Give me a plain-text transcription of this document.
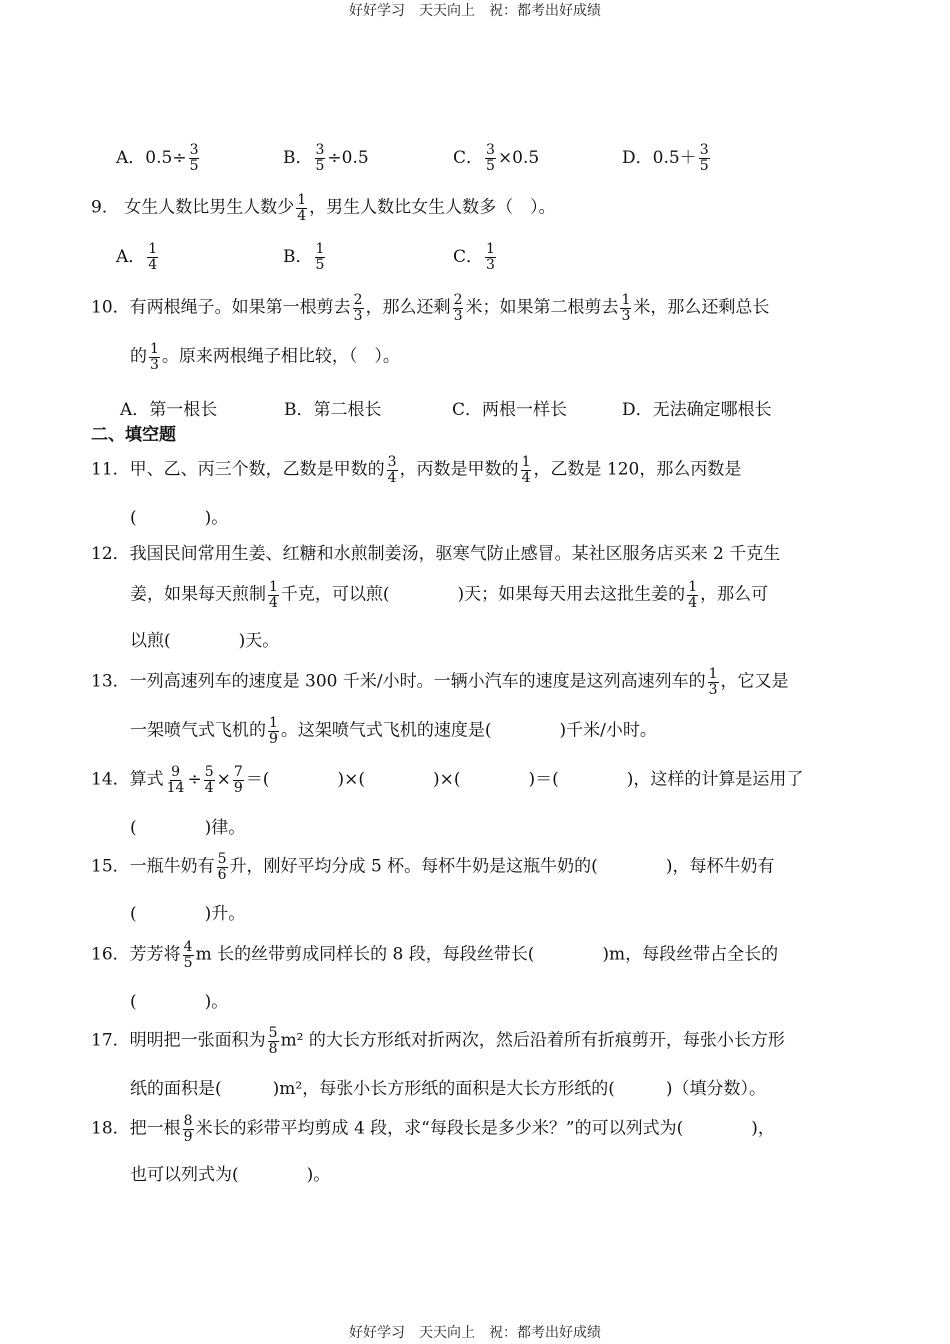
好好学习　天天向上　祝：都考出好成绩
A．$0.5\div \frac{3}{5}$	B． $\frac{3}{5} \div 0.5$	C． $\frac{3}{5} \times 0.5$	D．$0.5+ \frac{3}{5}$
9． 女生人数比男生人数少 $\frac{1}{4}$ ，男生人数比女生人数多（　）。
A． $\frac{1}{4}$	B． $\frac{1}{5}$	C． $\frac{1}{3}$
10．有两根绳子。如果第一根剪去 $\frac{2}{3}$ ，那么还剩 $\frac{2}{3}$ 米；如果第二根剪去 $\frac{1}{3}$ 米，那么还剩总长
的 $\frac{1}{3}$ 。原来两根绳子相比较，（　）。
A．第一根长	B．第二根长	C．两根一样长	D．无法确定哪根长
二、填空题
11．甲、乙、丙三个数，乙数是甲数的 $\frac{3}{4}$ ，丙数是甲数的 $\frac{1}{4}$ ，乙数是 120，那么丙数是
(　　　　)。
12．我国民间常用生姜、红糖和水煎制姜汤，驱寒气防止感冒。某社区服务店买来 2 千克生
姜，如果每天煎制 $\frac{1}{4}$ 千克，可以煎(　　　　)天；如果每天用去这批生姜的 $\frac{1}{4}$ ，那么可
以煎(　　　　)天。
13．一列高速列车的速度是 300 千米/小时。一辆小汽车的速度是这列高速列车的 $\frac{1}{3}$ ，它又是
一架喷气式飞机的 $\frac{1}{9}$ 。这架喷气式飞机的速度是(　　　　)千米/小时。
14．算式 $\frac{9}{14} \div \frac{5}{4} \times \frac{7}{9}$ ＝(　　　　)×(　　　　)×(　　　　)＝(　　　　)，这样的计算是运用了
(　　　　)律。
15．一瓶牛奶有 $\frac{5}{6}$ 升，刚好平均分成 5 杯。每杯牛奶是这瓶牛奶的(　　　　)，每杯牛奶有
(　　　　)升。
16．芳芳将 $\frac{4}{5}$ m 长的丝带剪成同样长的 8 段，每段丝带长(　　　　)m，每段丝带占全长的
(　　　　)。
17．明明把一张面积为 $\frac{5}{8} m^2$ 的大长方形纸对折两次，然后沿着所有折痕剪开，每张小长方形
纸的面积是(　　　)m²，每张小长方形纸的面积是大长方形纸的(　　　)（填分数）。
18．把一根 $\frac{8}{9}$ 米长的彩带平均剪成 4 段，求“每段长是多少米？”的可以列式为(　　　　)，
也可以列式为(　　　　)。
好好学习　天天向上　祝：都考出好成绩
